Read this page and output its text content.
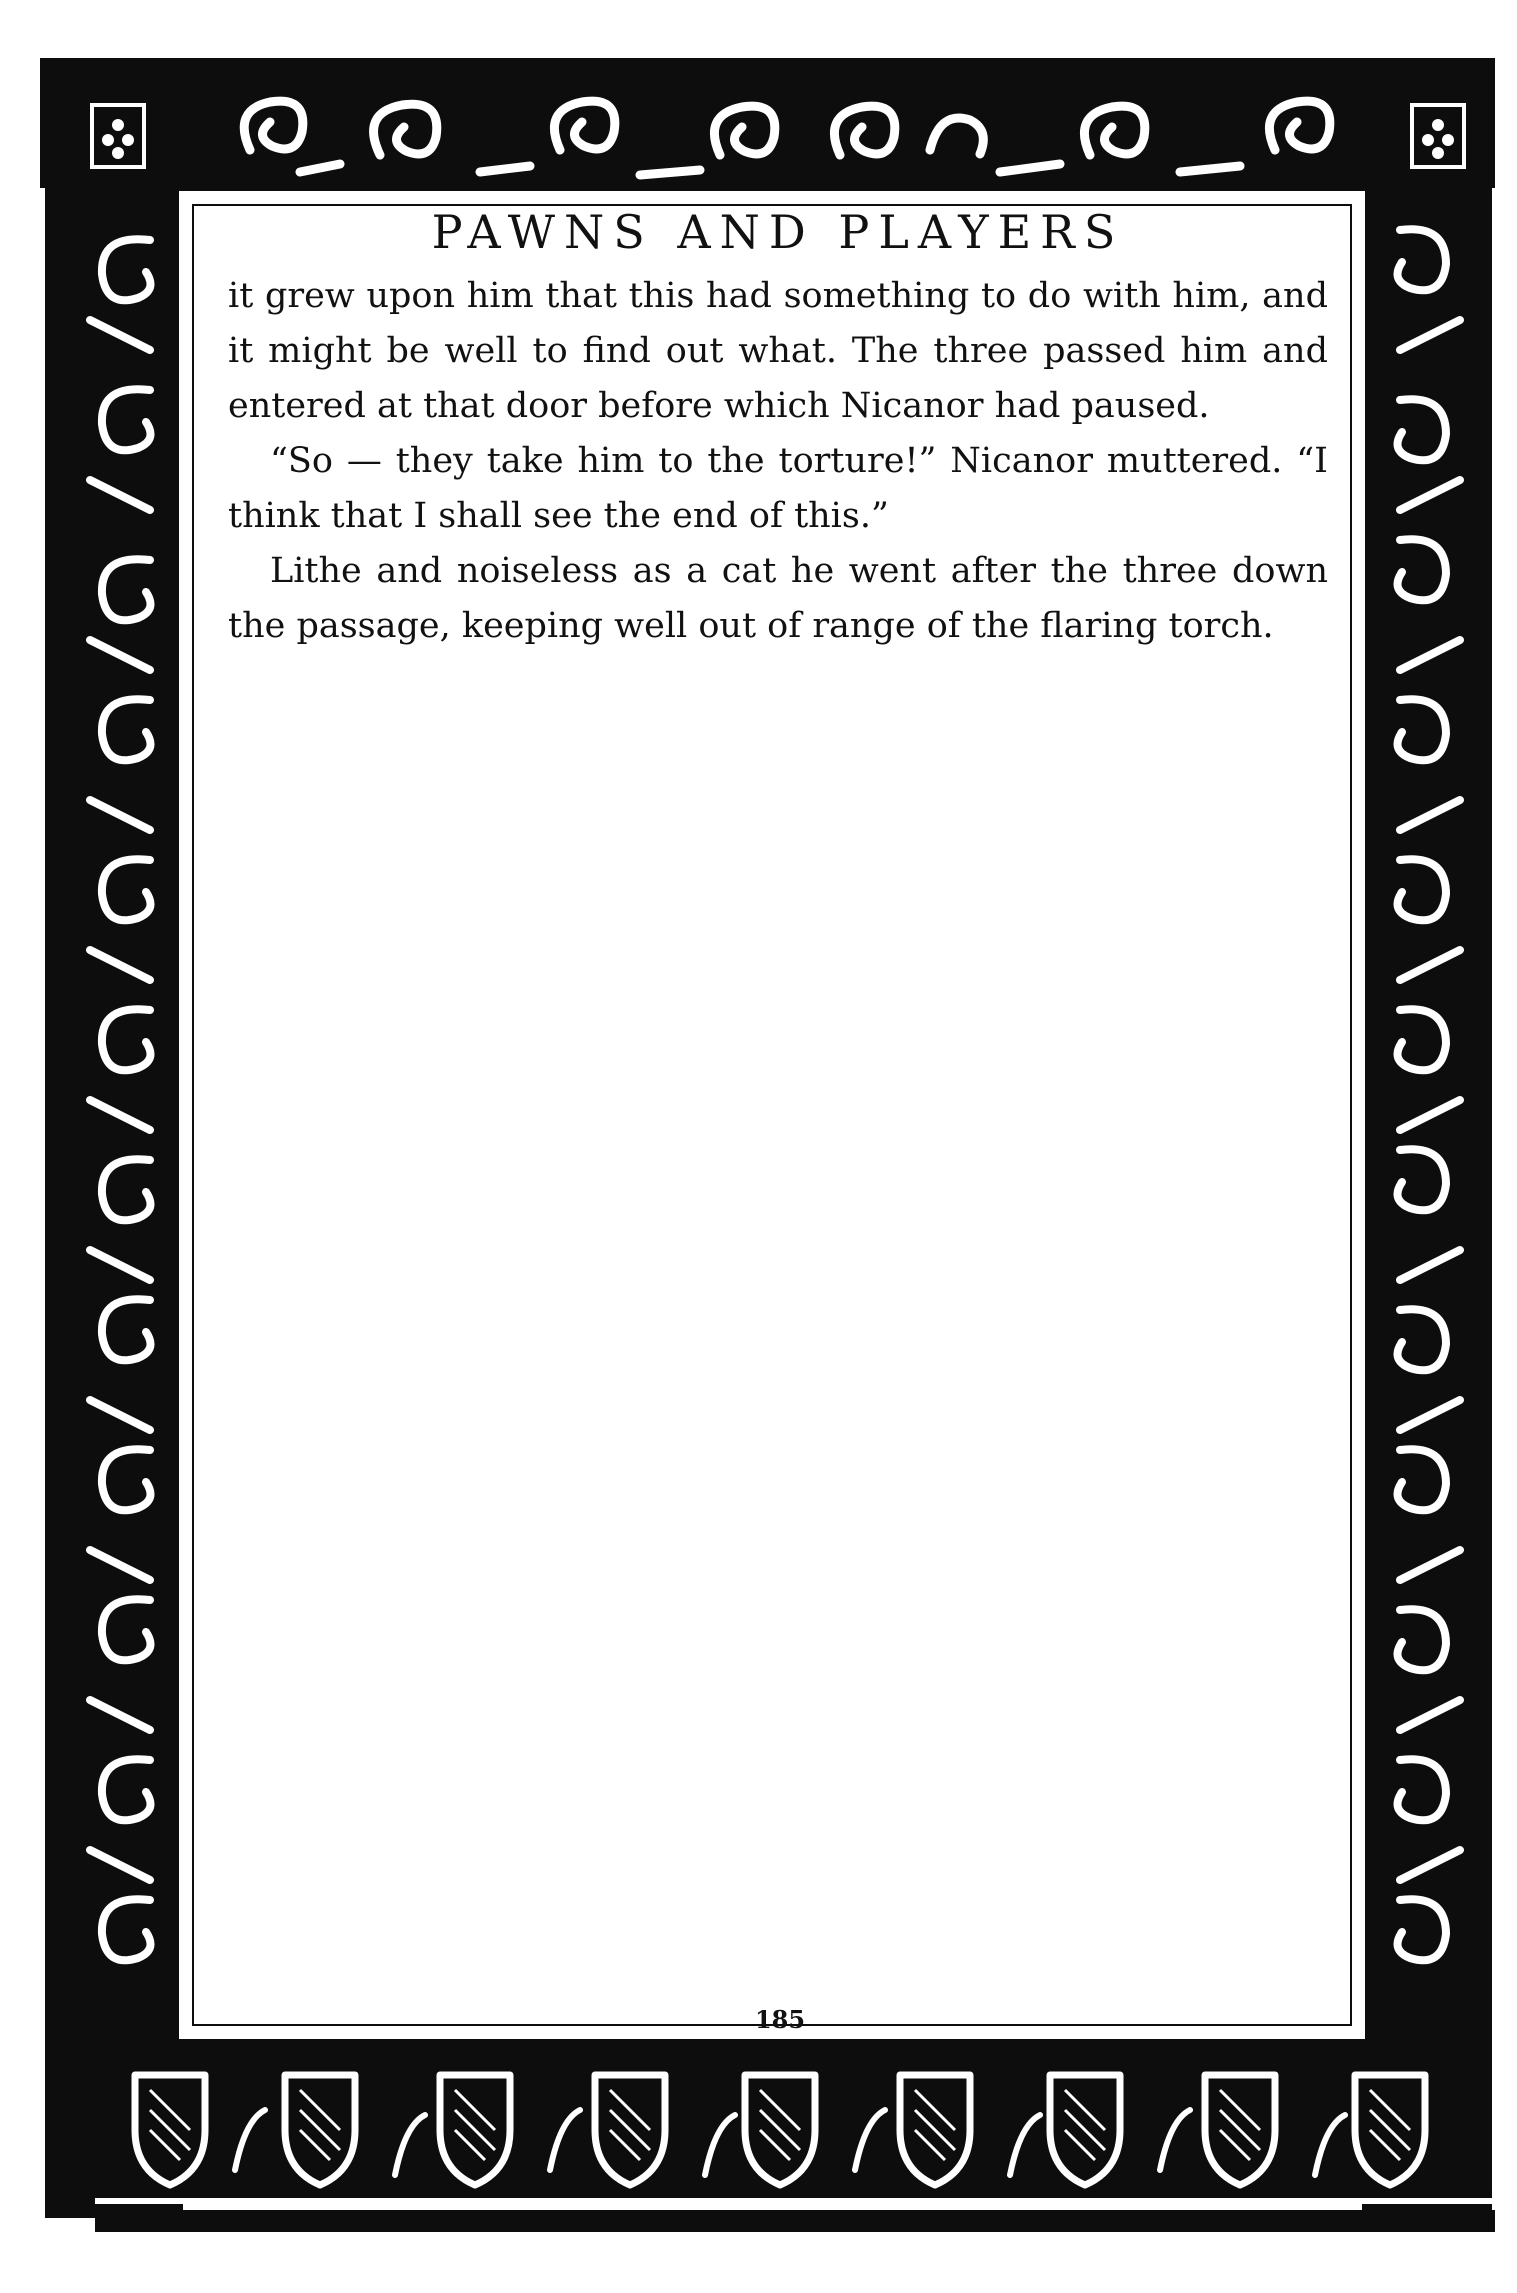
PAWNS AND PLAYERS

it grew upon him that this had something to do with him, and it might be well to find out what. The three passed him and entered at that door before which Nicanor had paused.

“So — they take him to the torture!” Nicanor muttered. “I think that I shall see the end of this.”

Lithe and noiseless as a cat he went after the three down the passage, keeping well out of range of the flaring torch.

185
